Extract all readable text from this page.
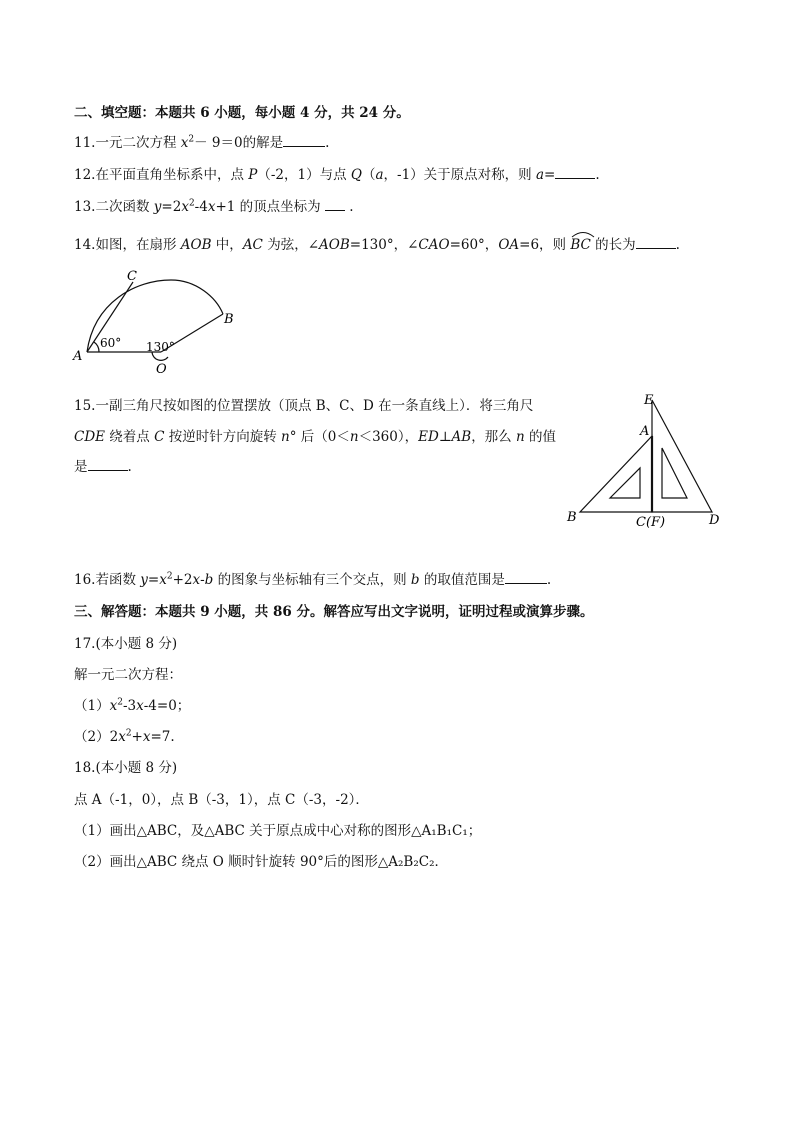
二、填空题：本题共 6 小题，每小题 4 分，共 24 分。
11.一元二次方程 $x^2- 9=0$的解是	.
12.在平面直角坐标系中，点 P（-2，1）与点 Q（a，-1）关于原点对称，则 a=	.
13.二次函数 $y=2x^2-4x+1$ 的顶点坐标为 .
14.如图，在扇形 AOB 中，AC 为弦，∠AOB=130°，∠CAO=60°，OA=6，则
BC 的长为	.
C
B
A
O
60° 130°
15.一副三角尺按如图的位置摆放（顶点 B、C、D 在一条直线上）．将三角尺
CDE 绕着点 C 按逆时针方向旋转 n° 后（0＜n＜360），ED⊥AB，那么 n 的值
是	.
E
A
B	C(F)	D
16.若函数 $y=x^2+2x-b$ 的图象与坐标轴有三个交点，则 b 的取值范围是	.
三、解答题：本题共 9 小题，共 86 分。解答应写出文字说明，证明过程或演算步骤。
17.(本小题 8 分)
解一元二次方程：
$(1)x^2-3x-4=0$；
$(2)2x^2+x=7$.
18.(本小题 8 分)
点 A（-1，0），点 B（-3，1），点 C（-3，-2）．
（1）画出△ABC，及△ABC 关于原点成中心对称的图形△A₁B₁C₁；
（2）画出△ABC 绕点 O 顺时针旋转 90°后的图形△A₂B₂C₂．
